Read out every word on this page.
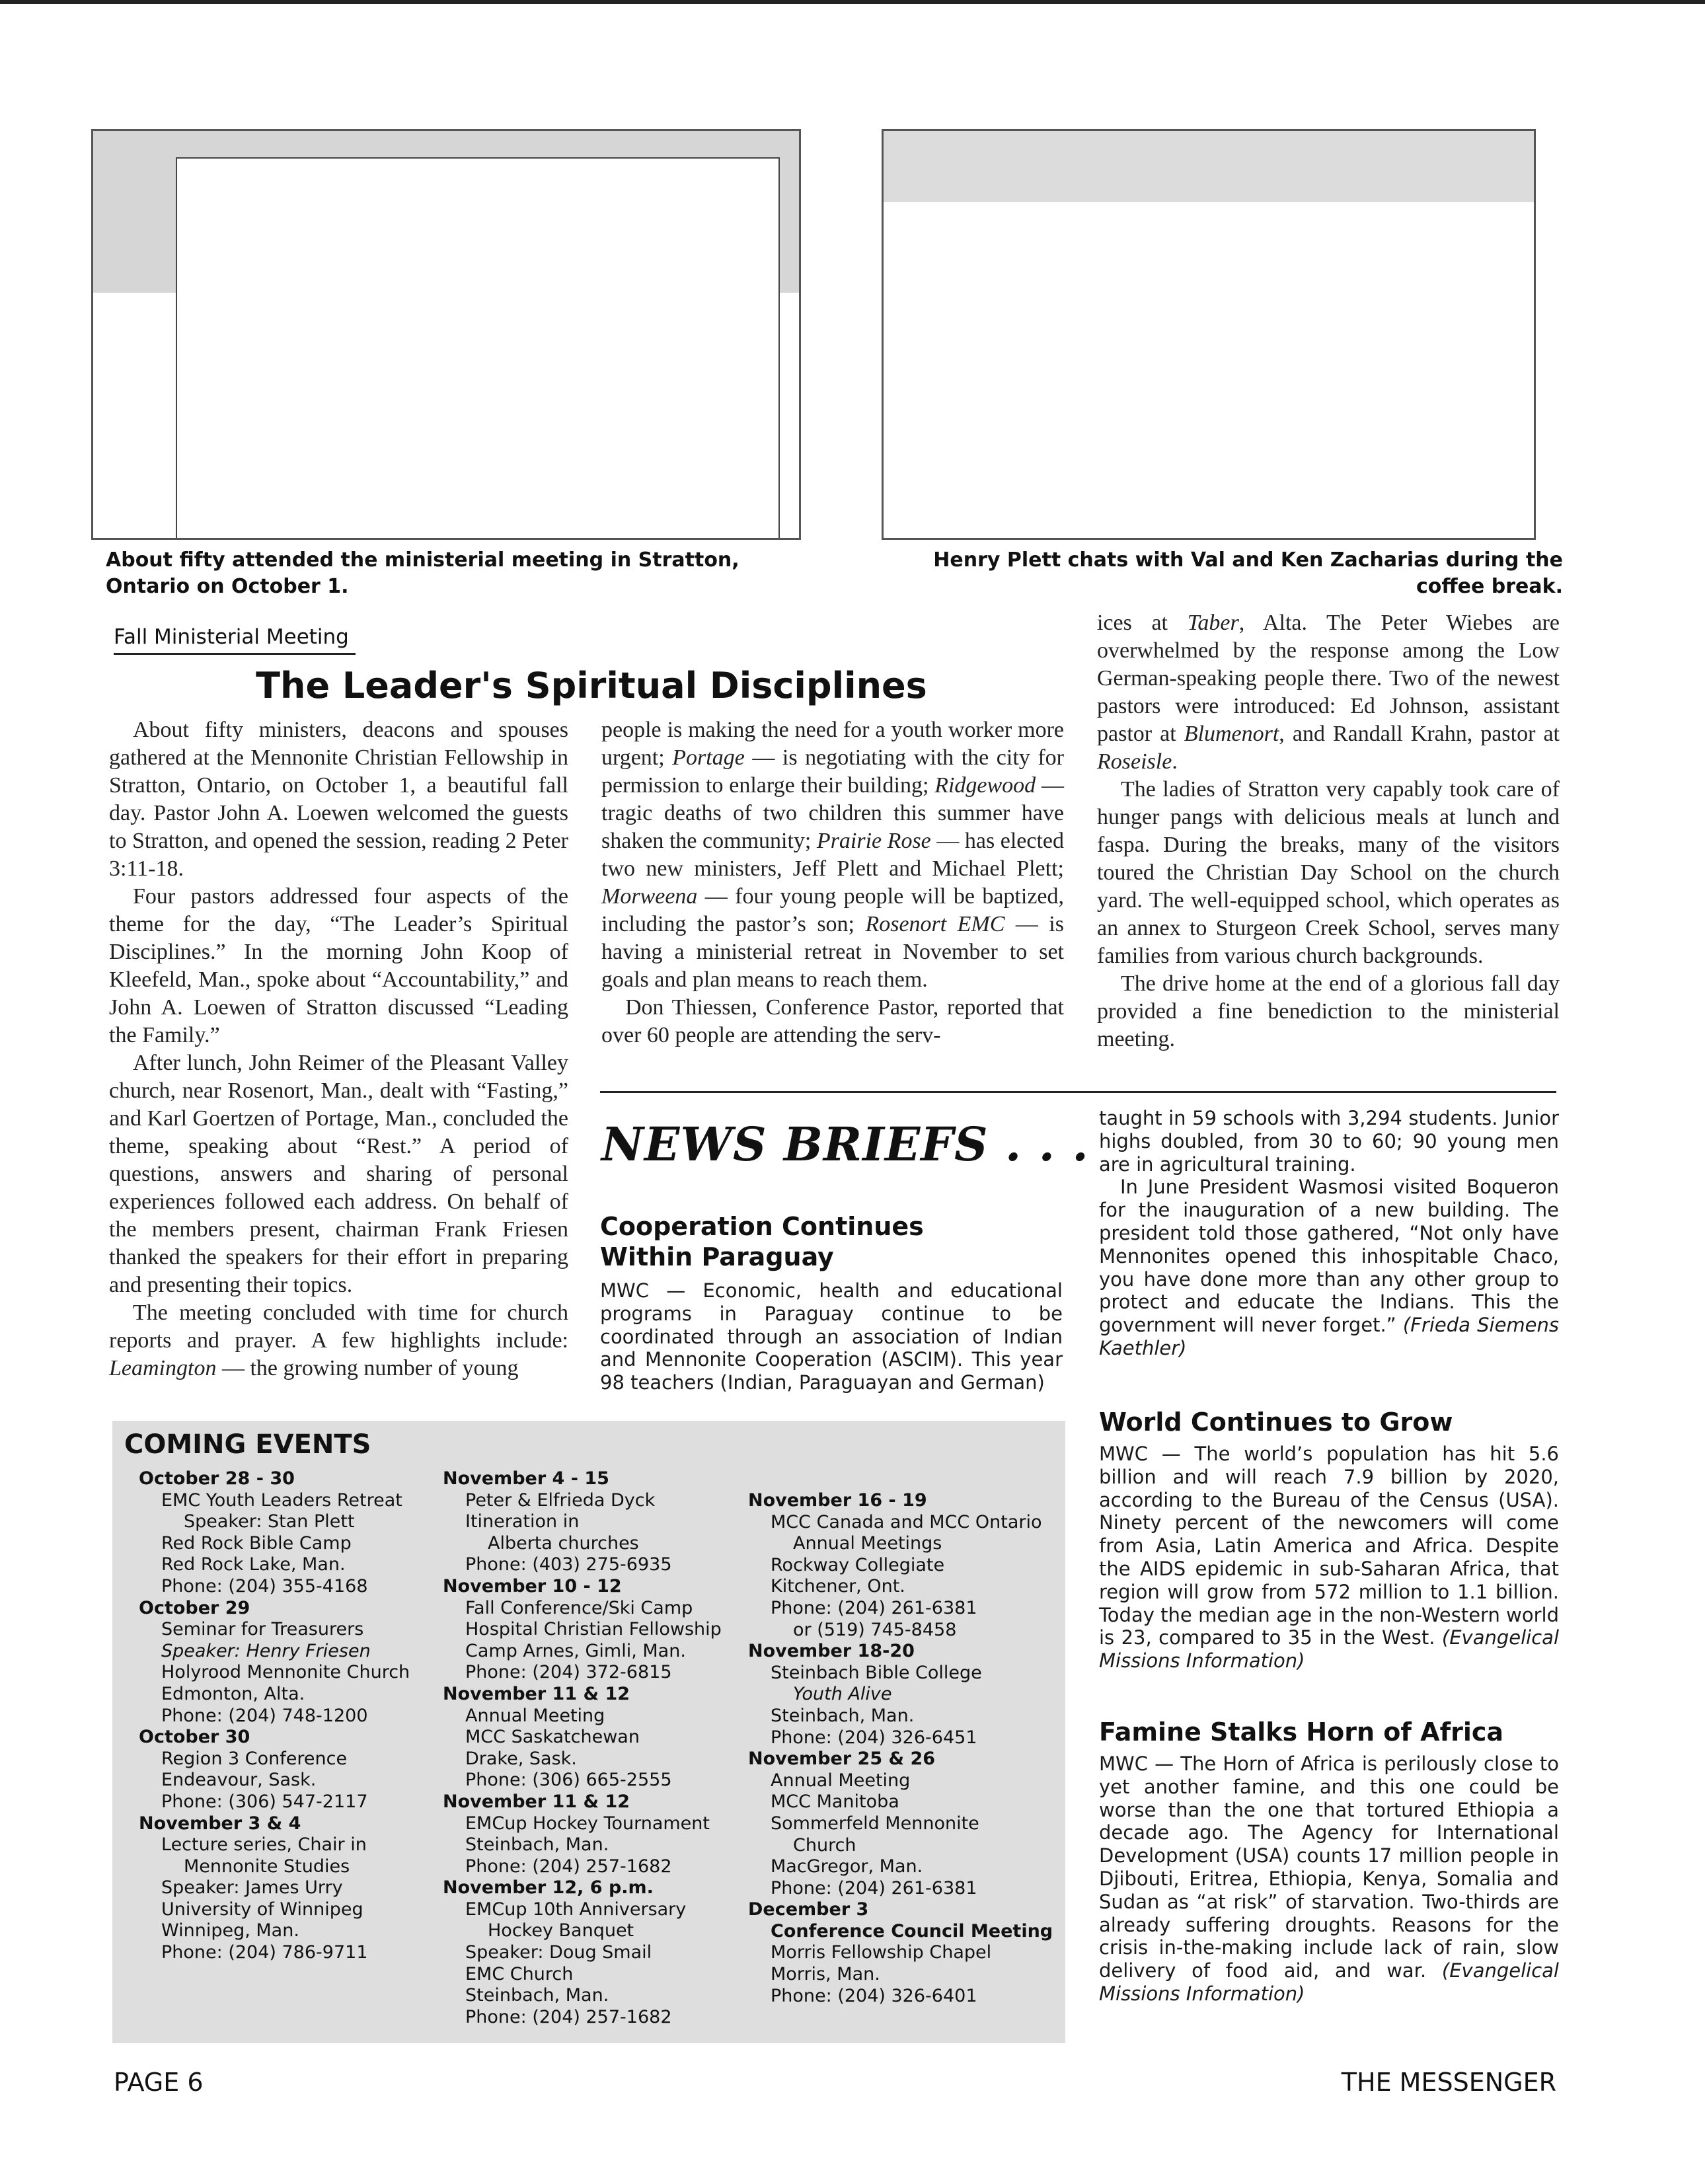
About fifty attended the ministerial meeting in Stratton, Ontario on October 1.
Henry Plett chats with Val and Ken Zacharias during the coffee break.
Fall Ministerial Meeting
The Leader's Spiritual Disciplines

About fifty ministers, deacons and spouses gathered at the Mennonite Christian Fellowship in Stratton, Ontario, on October 1, a beautiful fall day. Pastor John A. Loewen welcomed the guests to Stratton, and opened the session, reading 2 Peter 3:11-18.

Four pastors addressed four aspects of the theme for the day, “The Leader’s Spiritual Disciplines.” In the morning John Koop of Kleefeld, Man., spoke about “Accountability,” and John A. Loewen of Stratton discussed “Leading the Family.”

After lunch, John Reimer of the Pleasant Valley church, near Rosenort, Man., dealt with “Fasting,” and Karl Goertzen of Portage, Man., concluded the theme, speaking about “Rest.” A period of questions, answers and sharing of personal experiences followed each address. On behalf of the members present, chairman Frank Friesen thanked the speakers for their effort in preparing and presenting their topics.

The meeting concluded with time for church reports and prayer. A few highlights include: Leamington — the growing number of young

people is making the need for a youth worker more urgent; Portage — is negotiating with the city for permission to enlarge their building; Ridgewood — tragic deaths of two children this summer have shaken the community; Prairie Rose — has elected two new ministers, Jeff Plett and Michael Plett; Morweena — four young people will be baptized, including the pastor’s son; Rosenort EMC — is having a ministerial retreat in November to set goals and plan means to reach them.

Don Thiessen, Conference Pastor, reported that over 60 people are attending the serv-

ices at Taber, Alta. The Peter Wiebes are overwhelmed by the response among the Low German-speaking people there. Two of the newest pastors were introduced: Ed Johnson, assistant pastor at Blumenort, and Randall Krahn, pastor at Roseisle.

The ladies of Stratton very capably took care of hunger pangs with delicious meals at lunch and faspa. During the breaks, many of the visitors toured the Christian Day School on the church yard. The well-equipped school, which operates as an annex to Sturgeon Creek School, serves many families from various church backgrounds.

The drive home at the end of a glorious fall day provided a fine benediction to the ministerial meeting.

NEWS BRIEFS . . .
Cooperation Continues
Within Paraguay

MWC — Economic, health and educational programs in Paraguay continue to be coordinated through an association of Indian and Mennonite Cooperation (ASCIM). This year 98 teachers (Indian, Paraguayan and German)

taught in 59 schools with 3,294 students. Junior highs doubled, from 30 to 60; 90 young men are in agricultural training.

In June President Wasmosi visited Boqueron for the inauguration of a new building. The president told those gathered, “Not only have Mennonites opened this inhospitable Chaco, you have done more than any other group to protect and educate the Indians. This the government will never forget.” (Frieda Siemens Kaethler)

World Continues to Grow

MWC — The world’s population has hit 5.6 billion and will reach 7.9 billion by 2020, according to the Bureau of the Census (USA). Ninety percent of the newcomers will come from Asia, Latin America and Africa. Despite the AIDS epidemic in sub-Saharan Africa, that region will grow from 572 million to 1.1 billion. Today the median age in the non-Western world is 23, compared to 35 in the West. (Evangelical Missions Information)

Famine Stalks Horn of Africa

MWC — The Horn of Africa is perilously close to yet another famine, and this one could be worse than the one that tortured Ethiopia a decade ago. The Agency for International Development (USA) counts 17 million people in Djibouti, Eritrea, Ethiopia, Kenya, Somalia and Sudan as “at risk” of starvation. Two-thirds are already suffering droughts. Reasons for the crisis in-the-making include lack of rain, slow delivery of food aid, and war. (Evangelical Missions Information)

COMING EVENTS
October 28 - 30
EMC Youth Leaders Retreat
Speaker: Stan Plett
Red Rock Bible Camp
Red Rock Lake, Man.
Phone: (204) 355-4168
October 29
Seminar for Treasurers
Speaker: Henry Friesen
Holyrood Mennonite Church
Edmonton, Alta.
Phone: (204) 748-1200
October 30
Region 3 Conference
Endeavour, Sask.
Phone: (306) 547-2117
November 3 & 4
Lecture series, Chair in
Mennonite Studies
Speaker: James Urry
University of Winnipeg
Winnipeg, Man.
Phone: (204) 786-9711
November 4 - 15
Peter & Elfrieda Dyck
Itineration in
Alberta churches
Phone: (403) 275-6935
November 10 - 12
Fall Conference/Ski Camp
Hospital Christian Fellowship
Camp Arnes, Gimli, Man.
Phone: (204) 372-6815
November 11 & 12
Annual Meeting
MCC Saskatchewan
Drake, Sask.
Phone: (306) 665-2555
November 11 & 12
EMCup Hockey Tournament
Steinbach, Man.
Phone: (204) 257-1682
November 12, 6 p.m.
EMCup 10th Anniversary
Hockey Banquet
Speaker: Doug Smail
EMC Church
Steinbach, Man.
Phone: (204) 257-1682
November 16 - 19
MCC Canada and MCC Ontario
Annual Meetings
Rockway Collegiate
Kitchener, Ont.
Phone: (204) 261-6381
or (519) 745-8458
November 18-20
Steinbach Bible College
Youth Alive
Steinbach, Man.
Phone: (204) 326-6451
November 25 & 26
Annual Meeting
MCC Manitoba
Sommerfeld Mennonite
Church
MacGregor, Man.
Phone: (204) 261-6381
December 3
Conference Council Meeting
Morris Fellowship Chapel
Morris, Man.
Phone: (204) 326-6401
PAGE 6	THE MESSENGER
